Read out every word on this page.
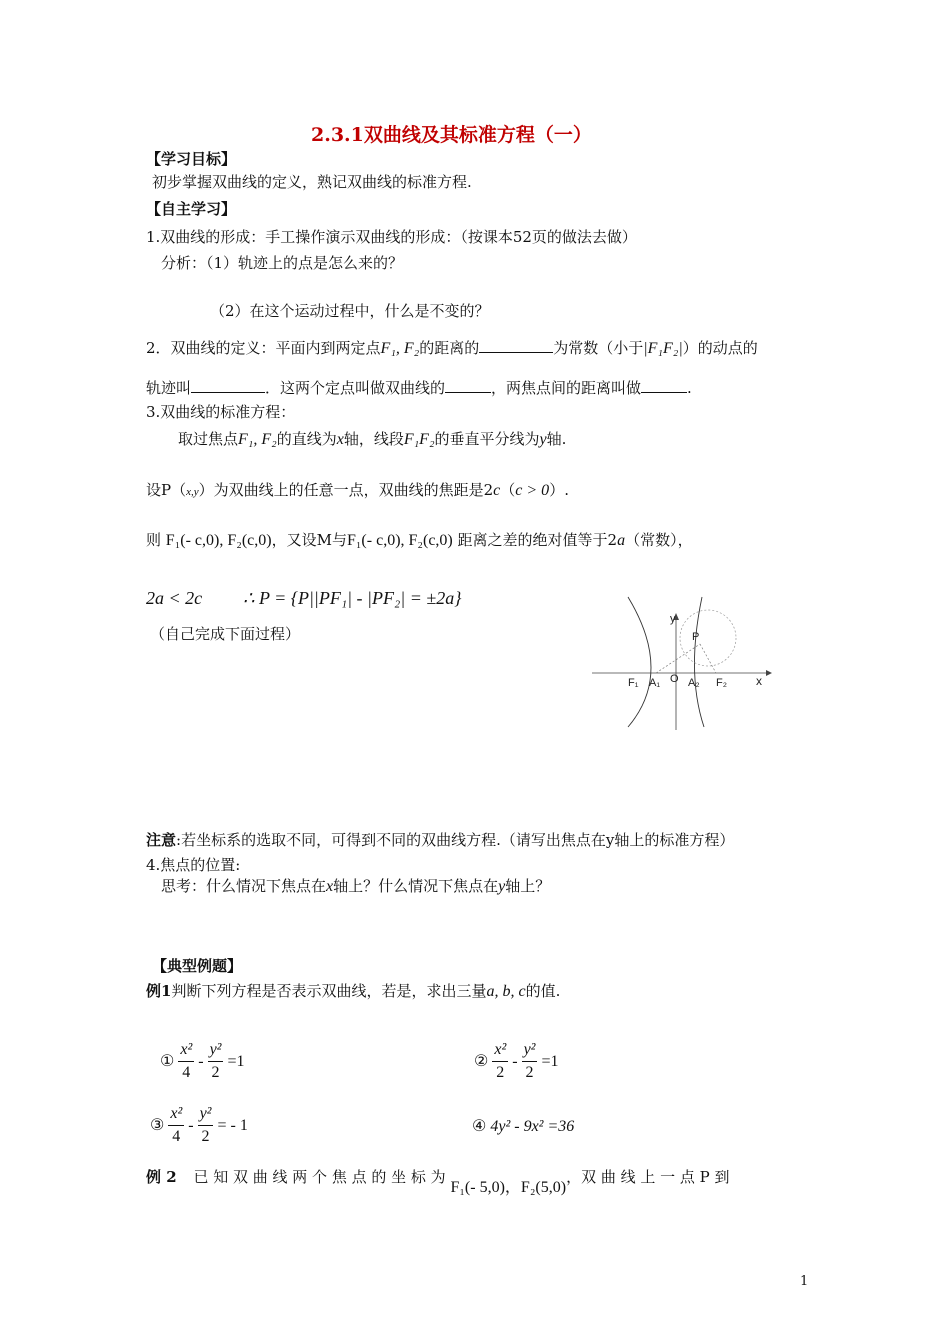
2.3.1双曲线及其标准方程（一）
【学习目标】
初步掌握双曲线的定义，熟记双曲线的标准方程.
【自主学习】
1.双曲线的形成：手工操作演示双曲线的形成：（按课本52页的做法去做）
分析：（1）轨迹上的点是怎么来的？
（2）在这个运动过程中，什么是不变的？
2．双曲线的定义：平面内到两定点F₁, F₂的距离的	为常数（小于|F₁F₂|）的动点的
轨迹叫	．这两个定点叫做双曲线的	，两焦点间的距离叫做	.
3.双曲线的标准方程：
取过焦点F₁, F₂的直线为x轴，线段F₁F₂的垂直平分线为y轴.
设P（x,y）为双曲线上的任意一点，双曲线的焦距是2c（c > 0）.
则 F₁(- c,0), F₂(c,0)，又设M与F₁(- c,0), F₂(c,0) 距离之差的绝对值等于2a（常数），
2a < 2c ∴ P = {P||PF₁| - |PF₂| = ±2a}
（自己完成下面过程）
y
x
P
O
F₁ A₁	A₂ F₂
注意:若坐标系的选取不同，可得到不同的双曲线方程.（请写出焦点在y轴上的标准方程）
4.焦点的位置:
思考：什么情况下焦点在x轴上？什么情况下焦点在y轴上？
【典型例题】
例1判断下列方程是否表示双曲线，若是，求出三量a, b, c的值.
① $\frac{\text{x²}}{4} - \frac{\text{y²}}{2} =1$	② $\frac{\text{x²}}{2} - \frac{\text{y²}}{2} =1$
③ $\frac{\text{x²}}{4} - \frac{\text{y²}}{2}$ = - 1	④ 4y² - 9x² =36
例 2 已 知 双 曲 线 两 个 焦 点 的 坐 标 为 F₁(- 5,0)，F₂(5,0)，双 曲 线 上 一 点 P 到
1
